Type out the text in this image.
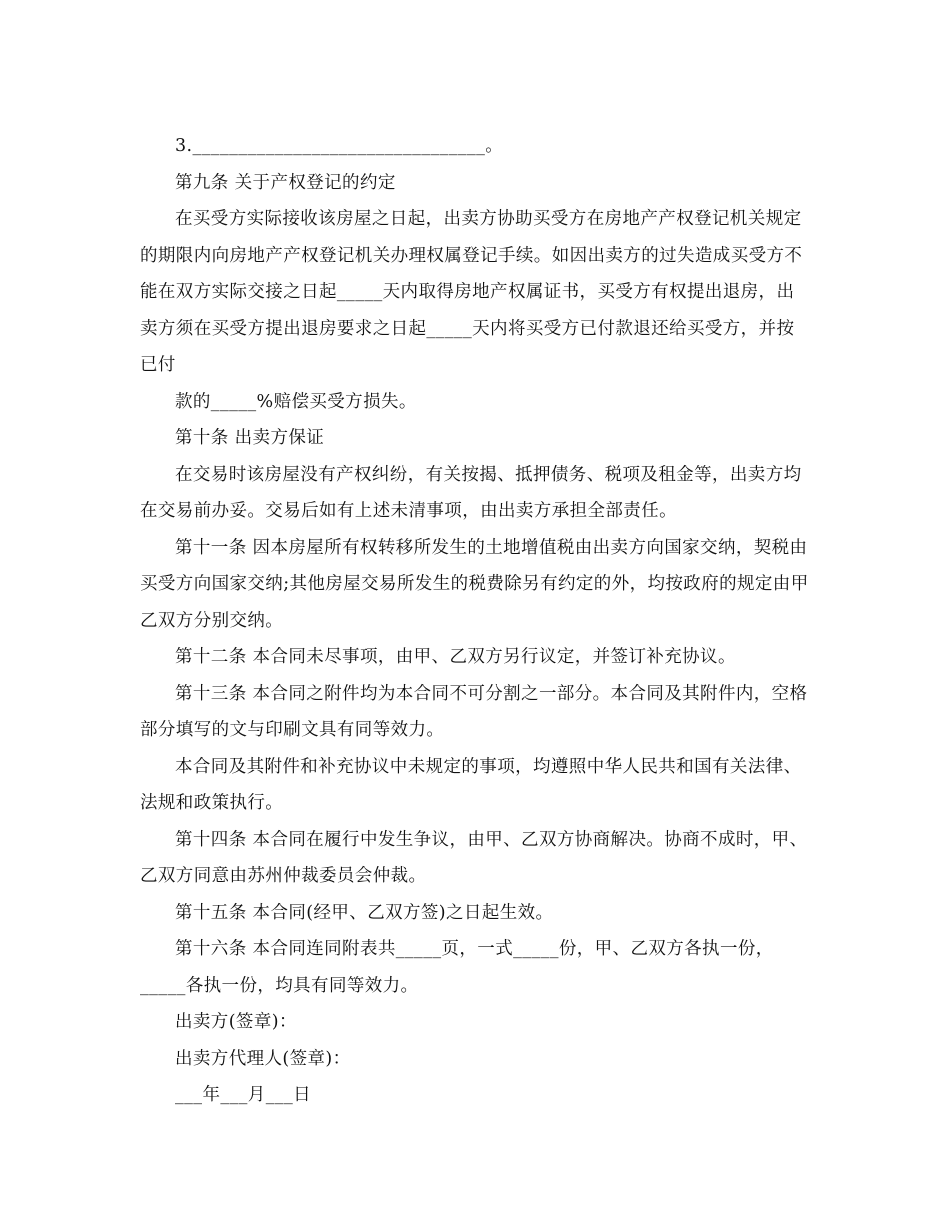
3.________________________________。

第九条 关于产权登记的约定

在买受方实际接收该房屋之日起，出卖方协助买受方在房地产产权登记机关规定的期限内向房地产产权登记机关办理权属登记手续。如因出卖方的过失造成买受方不能在双方实际交接之日起_____天内取得房地产权属证书，买受方有权提出退房，出卖方须在买受方提出退房要求之日起_____天内将买受方已付款退还给买受方，并按已付

款的_____%赔偿买受方损失。

第十条 出卖方保证

在交易时该房屋没有产权纠纷，有关按揭、抵押债务、税项及租金等，出卖方均在交易前办妥。交易后如有上述未清事项，由出卖方承担全部责任。

第十一条 因本房屋所有权转移所发生的土地增值税由出卖方向国家交纳，契税由买受方向国家交纳;其他房屋交易所发生的税费除另有约定的外，均按政府的规定由甲乙双方分别交纳。

第十二条 本合同未尽事项，由甲、乙双方另行议定，并签订补充协议。

第十三条 本合同之附件均为本合同不可分割之一部分。本合同及其附件内，空格部分填写的文与印刷文具有同等效力。

本合同及其附件和补充协议中未规定的事项，均遵照中华人民共和国有关法律、法规和政策执行。

第十四条 本合同在履行中发生争议，由甲、乙双方协商解决。协商不成时，甲、乙双方同意由苏州仲裁委员会仲裁。

第十五条 本合同(经甲、乙双方签)之日起生效。

第十六条 本合同连同附表共_____页，一式_____份，甲、乙双方各执一份，_____各执一份，均具有同等效力。

出卖方(签章)：

出卖方代理人(签章)：

___年___月___日
